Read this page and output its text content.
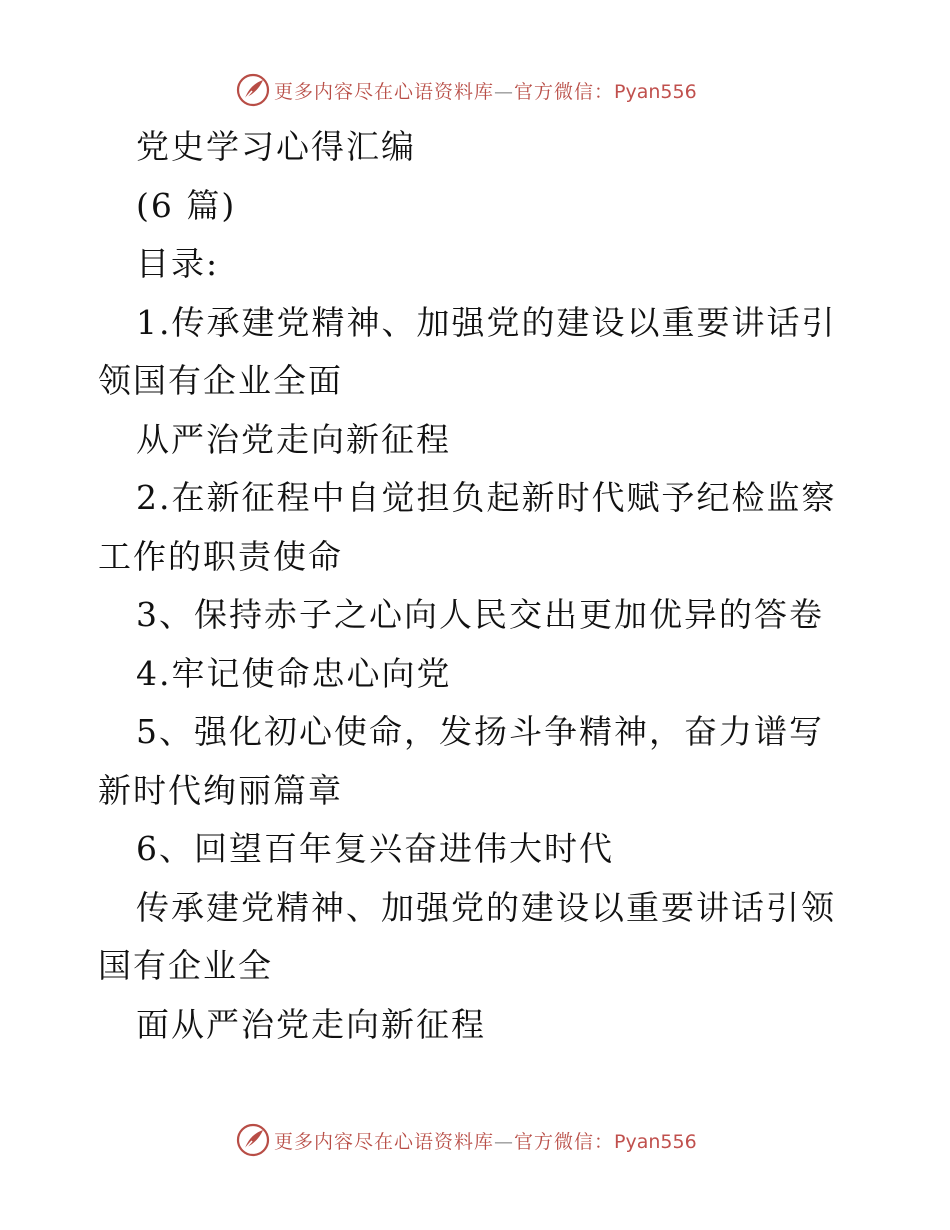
更多内容尽在心语资料库—官方微信：Pyan556

党史学习心得汇编

(6 篇)

目录:

1.传承建党精神、加强党的建设以重要讲话引领国有企业全面

从严治党走向新征程

2.在新征程中自觉担负起新时代赋予纪检监察工作的职责使命

3、保持赤子之心向人民交出更加优异的答卷

4.牢记使命忠心向党

5、强化初心使命，发扬斗争精神，奋力谱写新时代绚丽篇章

6、回望百年复兴奋进伟大时代

传承建党精神、加强党的建设以重要讲话引领国有企业全

面从严治党走向新征程

更多内容尽在心语资料库—官方微信：Pyan556
